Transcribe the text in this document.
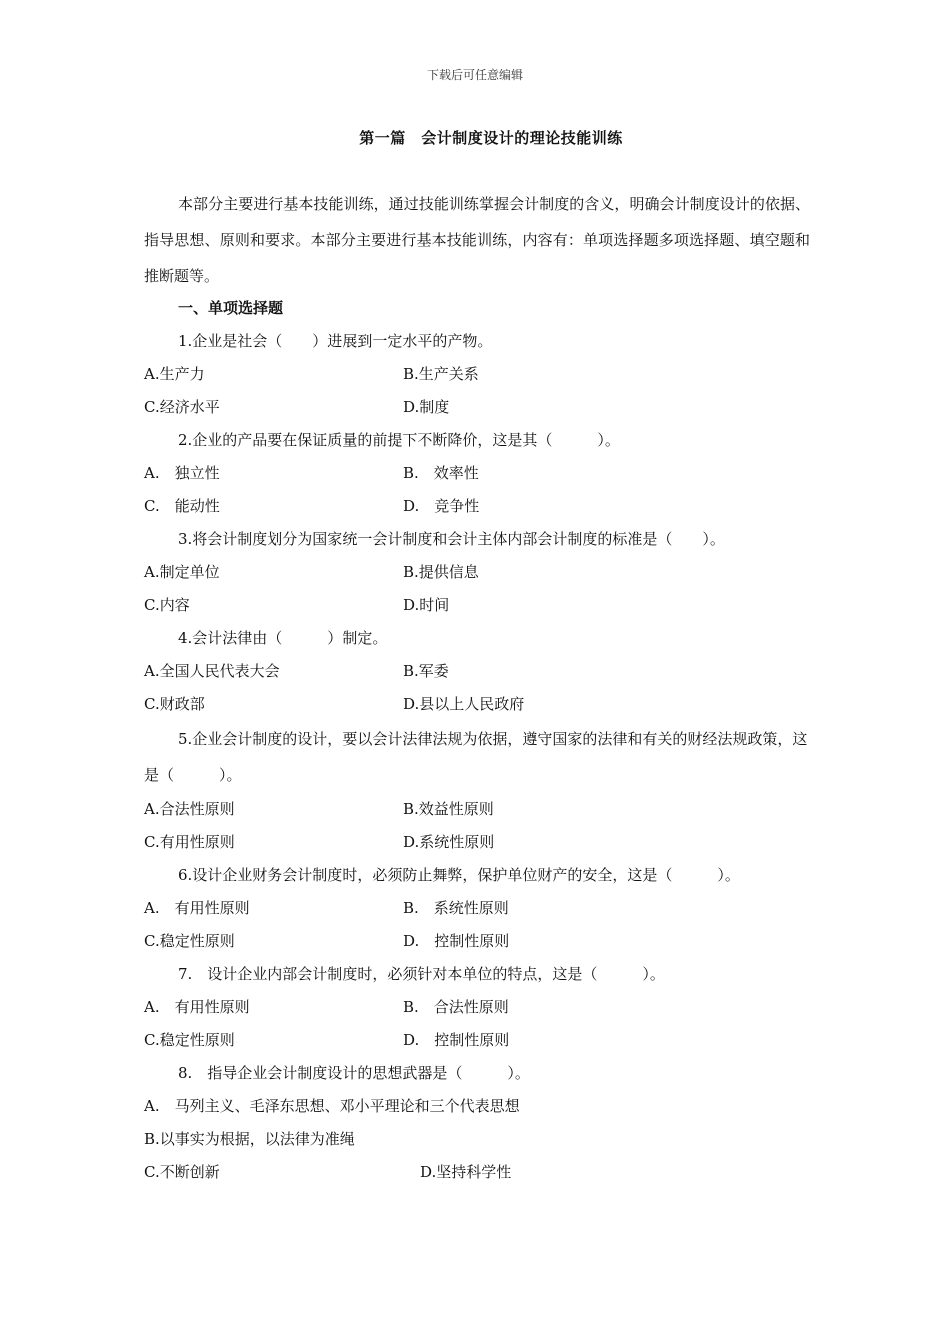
下载后可任意编辑
第一篇　会计制度设计的理论技能训练

本部分主要进行基本技能训练，通过技能训练掌握会计制度的含义，明确会计制度设计的依据、指导思想、原则和要求。本部分主要进行基本技能训练，内容有：单项选择题多项选择题、填空题和推断题等。

一、单项选择题
1.企业是社会（　　）进展到一定水平的产物。
A.生产力	B.生产关系
C.经济水平	D.制度
2.企业的产品要在保证质量的前提下不断降价，这是其（　　　）。
A.　独立性	B.　效率性
C.　能动性	D.　竞争性
3.将会计制度划分为国家统一会计制度和会计主体内部会计制度的标准是（　　）。
A.制定单位	B.提供信息
C.内容	D.时间
4.会计法律由（　　　）制定。
A.全国人民代表大会	B.军委
C.财政部	D.县以上人民政府
5.企业会计制度的设计，要以会计法律法规为依据，遵守国家的法律和有关的财经法规政策，这是（　　　）。
A.合法性原则	B.效益性原则
C.有用性原则	D.系统性原则
6.设计企业财务会计制度时，必须防止舞弊，保护单位财产的安全，这是（　　　）。
A.　有用性原则	B.　系统性原则
C.稳定性原则	D.　控制性原则
7.　设计企业内部会计制度时，必须针对本单位的特点，这是（　　　）。
A.　有用性原则	B.　合法性原则
C.稳定性原则	D.　控制性原则
8.　指导企业会计制度设计的思想武器是（　　　）。
A.　马列主义、毛泽东思想、邓小平理论和三个代表思想
B.以事实为根据，以法律为准绳
C.不断创新	D.坚持科学性
